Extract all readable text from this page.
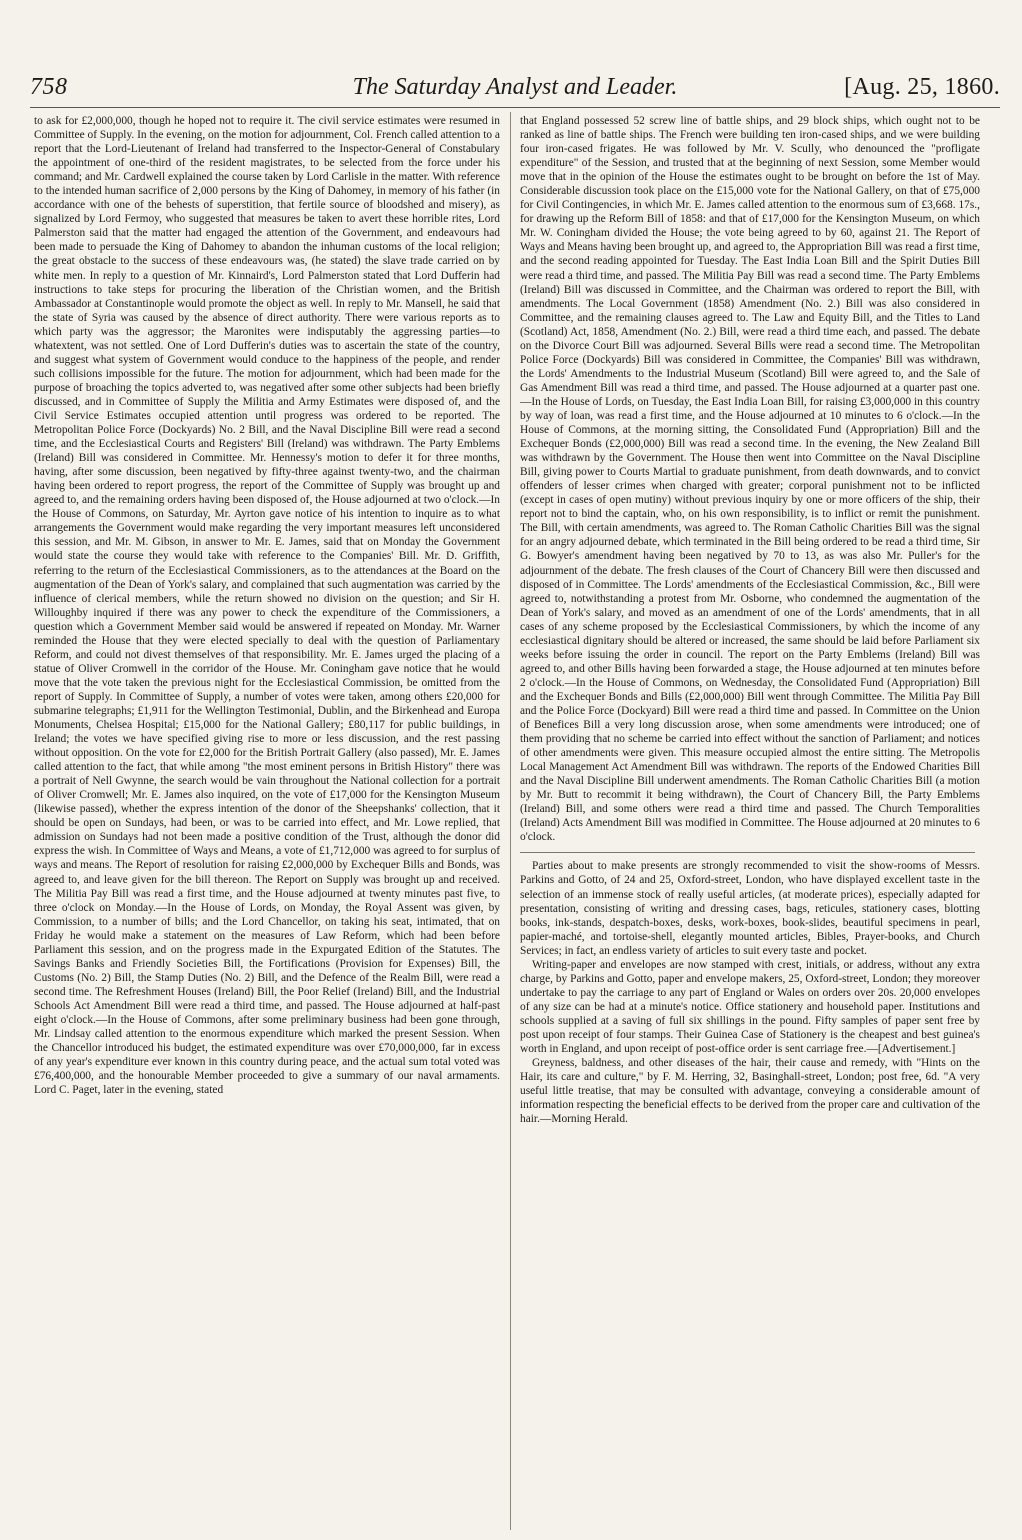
758	The Saturday Analyst and Leader.	[Aug. 25, 1860.

to ask for £2,000,000, though he hoped not to require it. The civil service estimates were resumed in Committee of Supply. In the evening, on the motion for adjournment, Col. French called attention to a report that the Lord-Lieutenant of Ireland had transferred to the Inspector-General of Constabulary the appointment of one-third of the resident magistrates, to be selected from the force under his command; and Mr. Cardwell explained the course taken by Lord Carlisle in the matter. With reference to the intended human sacrifice of 2,000 persons by the King of Dahomey, in memory of his father (in accordance with one of the behests of superstition, that fertile source of bloodshed and misery), as signalized by Lord Fermoy, who suggested that measures be taken to avert these horrible rites, Lord Palmerston said that the matter had engaged the attention of the Government, and endeavours had been made to persuade the King of Dahomey to abandon the inhuman customs of the local religion; the great obstacle to the success of these endeavours was, (he stated) the slave trade carried on by white men. In reply to a question of Mr. Kinnaird's, Lord Palmerston stated that Lord Dufferin had instructions to take steps for procuring the liberation of the Christian women, and the British Ambassador at Constantinople would promote the object as well. In reply to Mr. Mansell, he said that the state of Syria was caused by the absence of direct authority. There were various reports as to which party was the aggressor; the Maronites were indisputably the aggressing parties—to whatextent, was not settled. One of Lord Dufferin's duties was to ascertain the state of the country, and suggest what system of Government would conduce to the happiness of the people, and render such collisions impossible for the future. The motion for adjournment, which had been made for the purpose of broaching the topics adverted to, was negatived after some other subjects had been briefly discussed, and in Committee of Supply the Militia and Army Estimates were disposed of, and the Civil Service Estimates occupied attention until progress was ordered to be reported. The Metropolitan Police Force (Dockyards) No. 2 Bill, and the Naval Discipline Bill were read a second time, and the Ecclesiastical Courts and Registers' Bill (Ireland) was withdrawn. The Party Emblems (Ireland) Bill was considered in Committee. Mr. Hennessy's motion to defer it for three months, having, after some discussion, been negatived by fifty-three against twenty-two, and the chairman having been ordered to report progress, the report of the Committee of Supply was brought up and agreed to, and the remaining orders having been disposed of, the House adjourned at two o'clock.—In the House of Commons, on Saturday, Mr. Ayrton gave notice of his intention to inquire as to what arrangements the Government would make regarding the very important measures left unconsidered this session, and Mr. M. Gibson, in answer to Mr. E. James, said that on Monday the Government would state the course they would take with reference to the Companies' Bill. Mr. D. Griffith, referring to the return of the Ecclesiastical Commissioners, as to the attendances at the Board on the augmentation of the Dean of York's salary, and complained that such augmentation was carried by the influence of clerical members, while the return showed no division on the question; and Sir H. Willoughby inquired if there was any power to check the expenditure of the Commissioners, a question which a Government Member said would be answered if repeated on Monday. Mr. Warner reminded the House that they were elected specially to deal with the question of Parliamentary Reform, and could not divest themselves of that responsibility. Mr. E. James urged the placing of a statue of Oliver Cromwell in the corridor of the House. Mr. Coningham gave notice that he would move that the vote taken the previous night for the Ecclesiastical Commission, be omitted from the report of Supply. In Committee of Supply, a number of votes were taken, among others £20,000 for submarine telegraphs; £1,911 for the Wellington Testimonial, Dublin, and the Birkenhead and Europa Monuments, Chelsea Hospital; £15,000 for the National Gallery; £80,117 for public buildings, in Ireland; the votes we have specified giving rise to more or less discussion, and the rest passing without opposition. On the vote for £2,000 for the British Portrait Gallery (also passed), Mr. E. James called attention to the fact, that while among "the most eminent persons in British History" there was a portrait of Nell Gwynne, the search would be vain throughout the National collection for a portrait of Oliver Cromwell; Mr. E. James also inquired, on the vote of £17,000 for the Kensington Museum (likewise passed), whether the express intention of the donor of the Sheepshanks' collection, that it should be open on Sundays, had been, or was to be carried into effect, and Mr. Lowe replied, that admission on Sundays had not been made a positive condition of the Trust, although the donor did express the wish. In Committee of Ways and Means, a vote of £1,712,000 was agreed to for surplus of ways and means. The Report of resolution for raising £2,000,000 by Exchequer Bills and Bonds, was agreed to, and leave given for the bill thereon. The Report on Supply was brought up and received. The Militia Pay Bill was read a first time, and the House adjourned at twenty minutes past five, to three o'clock on Monday.—In the House of Lords, on Monday, the Royal Assent was given, by Commission, to a number of bills; and the Lord Chancellor, on taking his seat, intimated, that on Friday he would make a statement on the measures of Law Reform, which had been before Parliament this session, and on the progress made in the Expurgated Edition of the Statutes. The Savings Banks and Friendly Societies Bill, the Fortifications (Provision for Expenses) Bill, the Customs (No. 2) Bill, the Stamp Duties (No. 2) Bill, and the Defence of the Realm Bill, were read a second time. The Refreshment Houses (Ireland) Bill, the Poor Relief (Ireland) Bill, and the Industrial Schools Act Amendment Bill were read a third time, and passed. The House adjourned at half-past eight o'clock.—In the House of Commons, after some preliminary business had been gone through, Mr. Lindsay called attention to the enormous expenditure which marked the present Session. When the Chancellor introduced his budget, the estimated expenditure was over £70,000,000, far in excess of any year's expenditure ever known in this country during peace, and the actual sum total voted was £76,400,000, and the honourable Member proceeded to give a summary of our naval armaments. Lord C. Paget, later in the evening, stated

that England possessed 52 screw line of battle ships, and 29 block ships, which ought not to be ranked as line of battle ships. The French were building ten iron-cased ships, and we were building four iron-cased frigates. He was followed by Mr. V. Scully, who denounced the "profligate expenditure" of the Session, and trusted that at the beginning of next Session, some Member would move that in the opinion of the House the estimates ought to be brought on before the 1st of May. Considerable discussion took place on the £15,000 vote for the National Gallery, on that of £75,000 for Civil Contingencies, in which Mr. E. James called attention to the enormous sum of £3,668. 17s., for drawing up the Reform Bill of 1858: and that of £17,000 for the Kensington Museum, on which Mr. W. Coningham divided the House; the vote being agreed to by 60, against 21. The Report of Ways and Means having been brought up, and agreed to, the Appropriation Bill was read a first time, and the second reading appointed for Tuesday. The East India Loan Bill and the Spirit Duties Bill were read a third time, and passed. The Militia Pay Bill was read a second time. The Party Emblems (Ireland) Bill was discussed in Committee, and the Chairman was ordered to report the Bill, with amendments. The Local Government (1858) Amendment (No. 2.) Bill was also considered in Committee, and the remaining clauses agreed to. The Law and Equity Bill, and the Titles to Land (Scotland) Act, 1858, Amendment (No. 2.) Bill, were read a third time each, and passed. The debate on the Divorce Court Bill was adjourned. Several Bills were read a second time. The Metropolitan Police Force (Dockyards) Bill was considered in Committee, the Companies' Bill was withdrawn, the Lords' Amendments to the Industrial Museum (Scotland) Bill were agreed to, and the Sale of Gas Amendment Bill was read a third time, and passed. The House adjourned at a quarter past one.—In the House of Lords, on Tuesday, the East India Loan Bill, for raising £3,000,000 in this country by way of loan, was read a first time, and the House adjourned at 10 minutes to 6 o'clock.—In the House of Commons, at the morning sitting, the Consolidated Fund (Appropriation) Bill and the Exchequer Bonds (£2,000,000) Bill was read a second time. In the evening, the New Zealand Bill was withdrawn by the Government. The House then went into Committee on the Naval Discipline Bill, giving power to Courts Martial to graduate punishment, from death downwards, and to convict offenders of lesser crimes when charged with greater; corporal punishment not to be inflicted (except in cases of open mutiny) without previous inquiry by one or more officers of the ship, their report not to bind the captain, who, on his own responsibility, is to inflict or remit the punishment. The Bill, with certain amendments, was agreed to. The Roman Catholic Charities Bill was the signal for an angry adjourned debate, which terminated in the Bill being ordered to be read a third time, Sir G. Bowyer's amendment having been negatived by 70 to 13, as was also Mr. Puller's for the adjournment of the debate. The fresh clauses of the Court of Chancery Bill were then discussed and disposed of in Committee. The Lords' amendments of the Ecclesiastical Commission, &c., Bill were agreed to, notwithstanding a protest from Mr. Osborne, who condemned the augmentation of the Dean of York's salary, and moved as an amendment of one of the Lords' amendments, that in all cases of any scheme proposed by the Ecclesiastical Commissioners, by which the income of any ecclesiastical dignitary should be altered or increased, the same should be laid before Parliament six weeks before issuing the order in council. The report on the Party Emblems (Ireland) Bill was agreed to, and other Bills having been forwarded a stage, the House adjourned at ten minutes before 2 o'clock.—In the House of Commons, on Wednesday, the Consolidated Fund (Appropriation) Bill and the Exchequer Bonds and Bills (£2,000,000) Bill went through Committee. The Militia Pay Bill and the Police Force (Dockyard) Bill were read a third time and passed. In Committee on the Union of Benefices Bill a very long discussion arose, when some amendments were introduced; one of them providing that no scheme be carried into effect without the sanction of Parliament; and notices of other amendments were given. This measure occupied almost the entire sitting. The Metropolis Local Management Act Amendment Bill was withdrawn. The reports of the Endowed Charities Bill and the Naval Discipline Bill underwent amendments. The Roman Catholic Charities Bill (a motion by Mr. Butt to recommit it being withdrawn), the Court of Chancery Bill, the Party Emblems (Ireland) Bill, and some others were read a third time and passed. The Church Temporalities (Ireland) Acts Amendment Bill was modified in Committee. The House adjourned at 20 minutes to 6 o'clock.

Parties about to make presents are strongly recommended to visit the show-rooms of Messrs. Parkins and Gotto, of 24 and 25, Oxford-street, London, who have displayed excellent taste in the selection of an immense stock of really useful articles, (at moderate prices), especially adapted for presentation, consisting of writing and dressing cases, bags, reticules, stationery cases, blotting books, ink-stands, despatch-boxes, desks, work-boxes, book-slides, beautiful specimens in pearl, papier-maché, and tortoise-shell, elegantly mounted articles, Bibles, Prayer-books, and Church Services; in fact, an endless variety of articles to suit every taste and pocket.

Writing-paper and envelopes are now stamped with crest, initials, or address, without any extra charge, by Parkins and Gotto, paper and envelope makers, 25, Oxford-street, London; they moreover undertake to pay the carriage to any part of England or Wales on orders over 20s. 20,000 envelopes of any size can be had at a minute's notice. Office stationery and household paper. Institutions and schools supplied at a saving of full six shillings in the pound. Fifty samples of paper sent free by post upon receipt of four stamps. Their Guinea Case of Stationery is the cheapest and best guinea's worth in England, and upon receipt of post-office order is sent carriage free.—[Advertisement.]

Greyness, baldness, and other diseases of the hair, their cause and remedy, with "Hints on the Hair, its care and culture," by F. M. Herring, 32, Basinghall-street, London; post free, 6d. "A very useful little treatise, that may be consulted with advantage, conveying a considerable amount of information respecting the beneficial effects to be derived from the proper care and cultivation of the hair.—Morning Herald.
